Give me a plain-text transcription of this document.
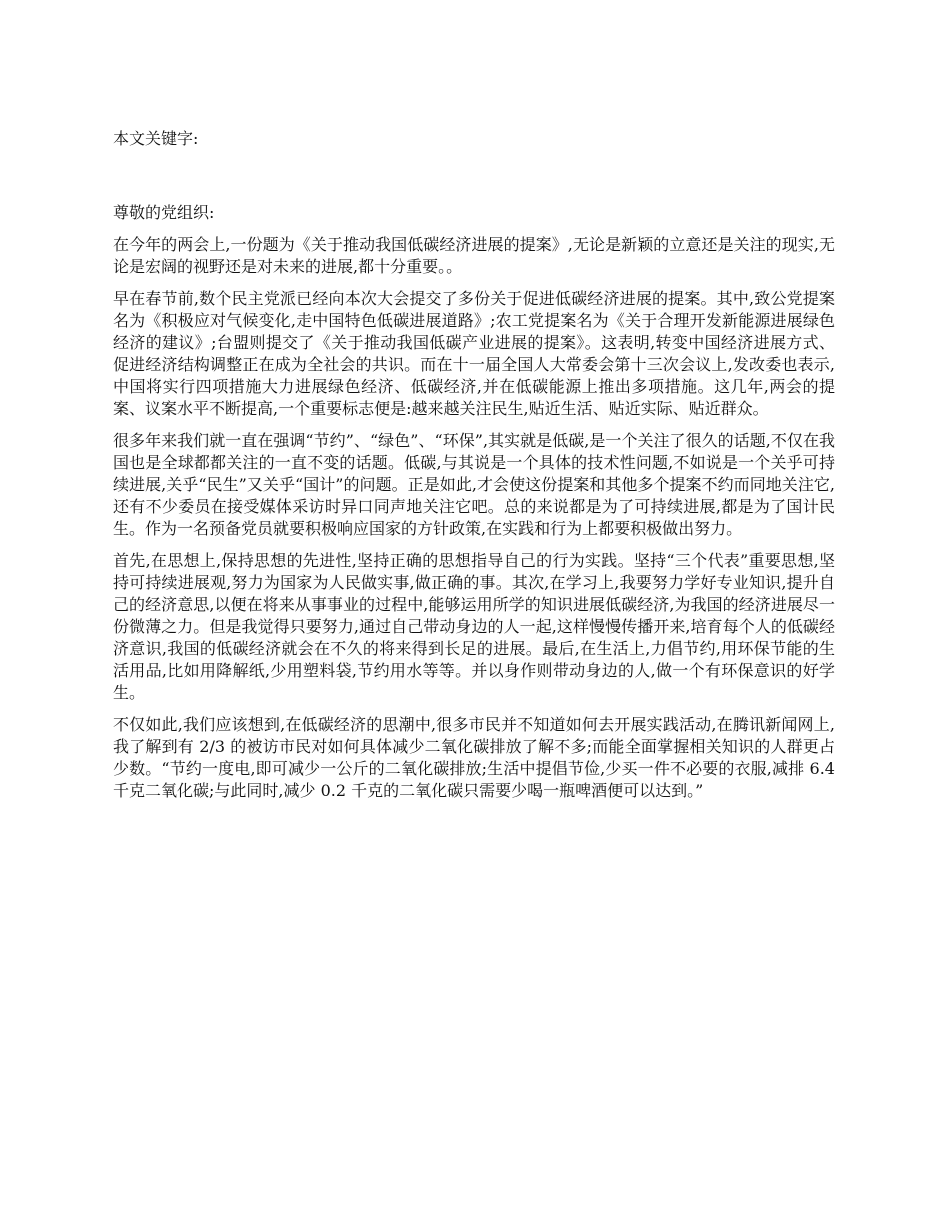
本文关键字:

尊敬的党组织:

在今年的两会上,一份题为《关于推动我国低碳经济进展的提案》,无论是新颖的立意还是关注的现实,无论是宏阔的视野还是对未来的进展,都十分重要。。

早在春节前,数个民主党派已经向本次大会提交了多份关于促进低碳经济进展的提案。其中,致公党提案名为《积极应对气候变化,走中国特色低碳进展道路》;农工党提案名为《关于合理开发新能源进展绿色经济的建议》;台盟则提交了《关于推动我国低碳产业进展的提案》。这表明,转变中国经济进展方式、促进经济结构调整正在成为全社会的共识。而在十一届全国人大常委会第十三次会议上,发改委也表示,中国将实行四项措施大力进展绿色经济、低碳经济,并在低碳能源上推出多项措施。这几年,两会的提案、议案水平不断提高,一个重要标志便是:越来越关注民生,贴近生活、贴近实际、贴近群众。

很多年来我们就一直在强调“节约”、“绿色”、“环保”,其实就是低碳,是一个关注了很久的话题,不仅在我国也是全球都都关注的一直不变的话题。低碳,与其说是一个具体的技术性问题,不如说是一个关乎可持续进展,关乎“民生”又关乎“国计”的问题。正是如此,才会使这份提案和其他多个提案不约而同地关注它,还有不少委员在接受媒体采访时异口同声地关注它吧。总的来说都是为了可持续进展,都是为了国计民生。作为一名预备党员就要积极响应国家的方针政策,在实践和行为上都要积极做出努力。

首先,在思想上,保持思想的先进性,坚持正确的思想指导自己的行为实践。坚持“三个代表”重要思想,坚持可持续进展观,努力为国家为人民做实事,做正确的事。其次,在学习上,我要努力学好专业知识,提升自己的经济意思,以便在将来从事事业的过程中,能够运用所学的知识进展低碳经济,为我国的经济进展尽一份微薄之力。但是我觉得只要努力,通过自己带动身边的人一起,这样慢慢传播开来,培育每个人的低碳经济意识,我国的低碳经济就会在不久的将来得到长足的进展。最后,在生活上,力倡节约,用环保节能的生活用品,比如用降解纸,少用塑料袋,节约用水等等。并以身作则带动身边的人,做一个有环保意识的好学生。

不仅如此,我们应该想到,在低碳经济的思潮中,很多市民并不知道如何去开展实践活动,在腾讯新闻网上,我了解到有 2/3 的被访市民对如何具体减少二氧化碳排放了解不多;而能全面掌握相关知识的人群更占少数。“节约一度电,即可减少一公斤的二氧化碳排放;生活中提倡节俭,少买一件不必要的衣服,减排 6.4 千克二氧化碳;与此同时,减少 0.2 千克的二氧化碳只需要少喝一瓶啤酒便可以达到。”
